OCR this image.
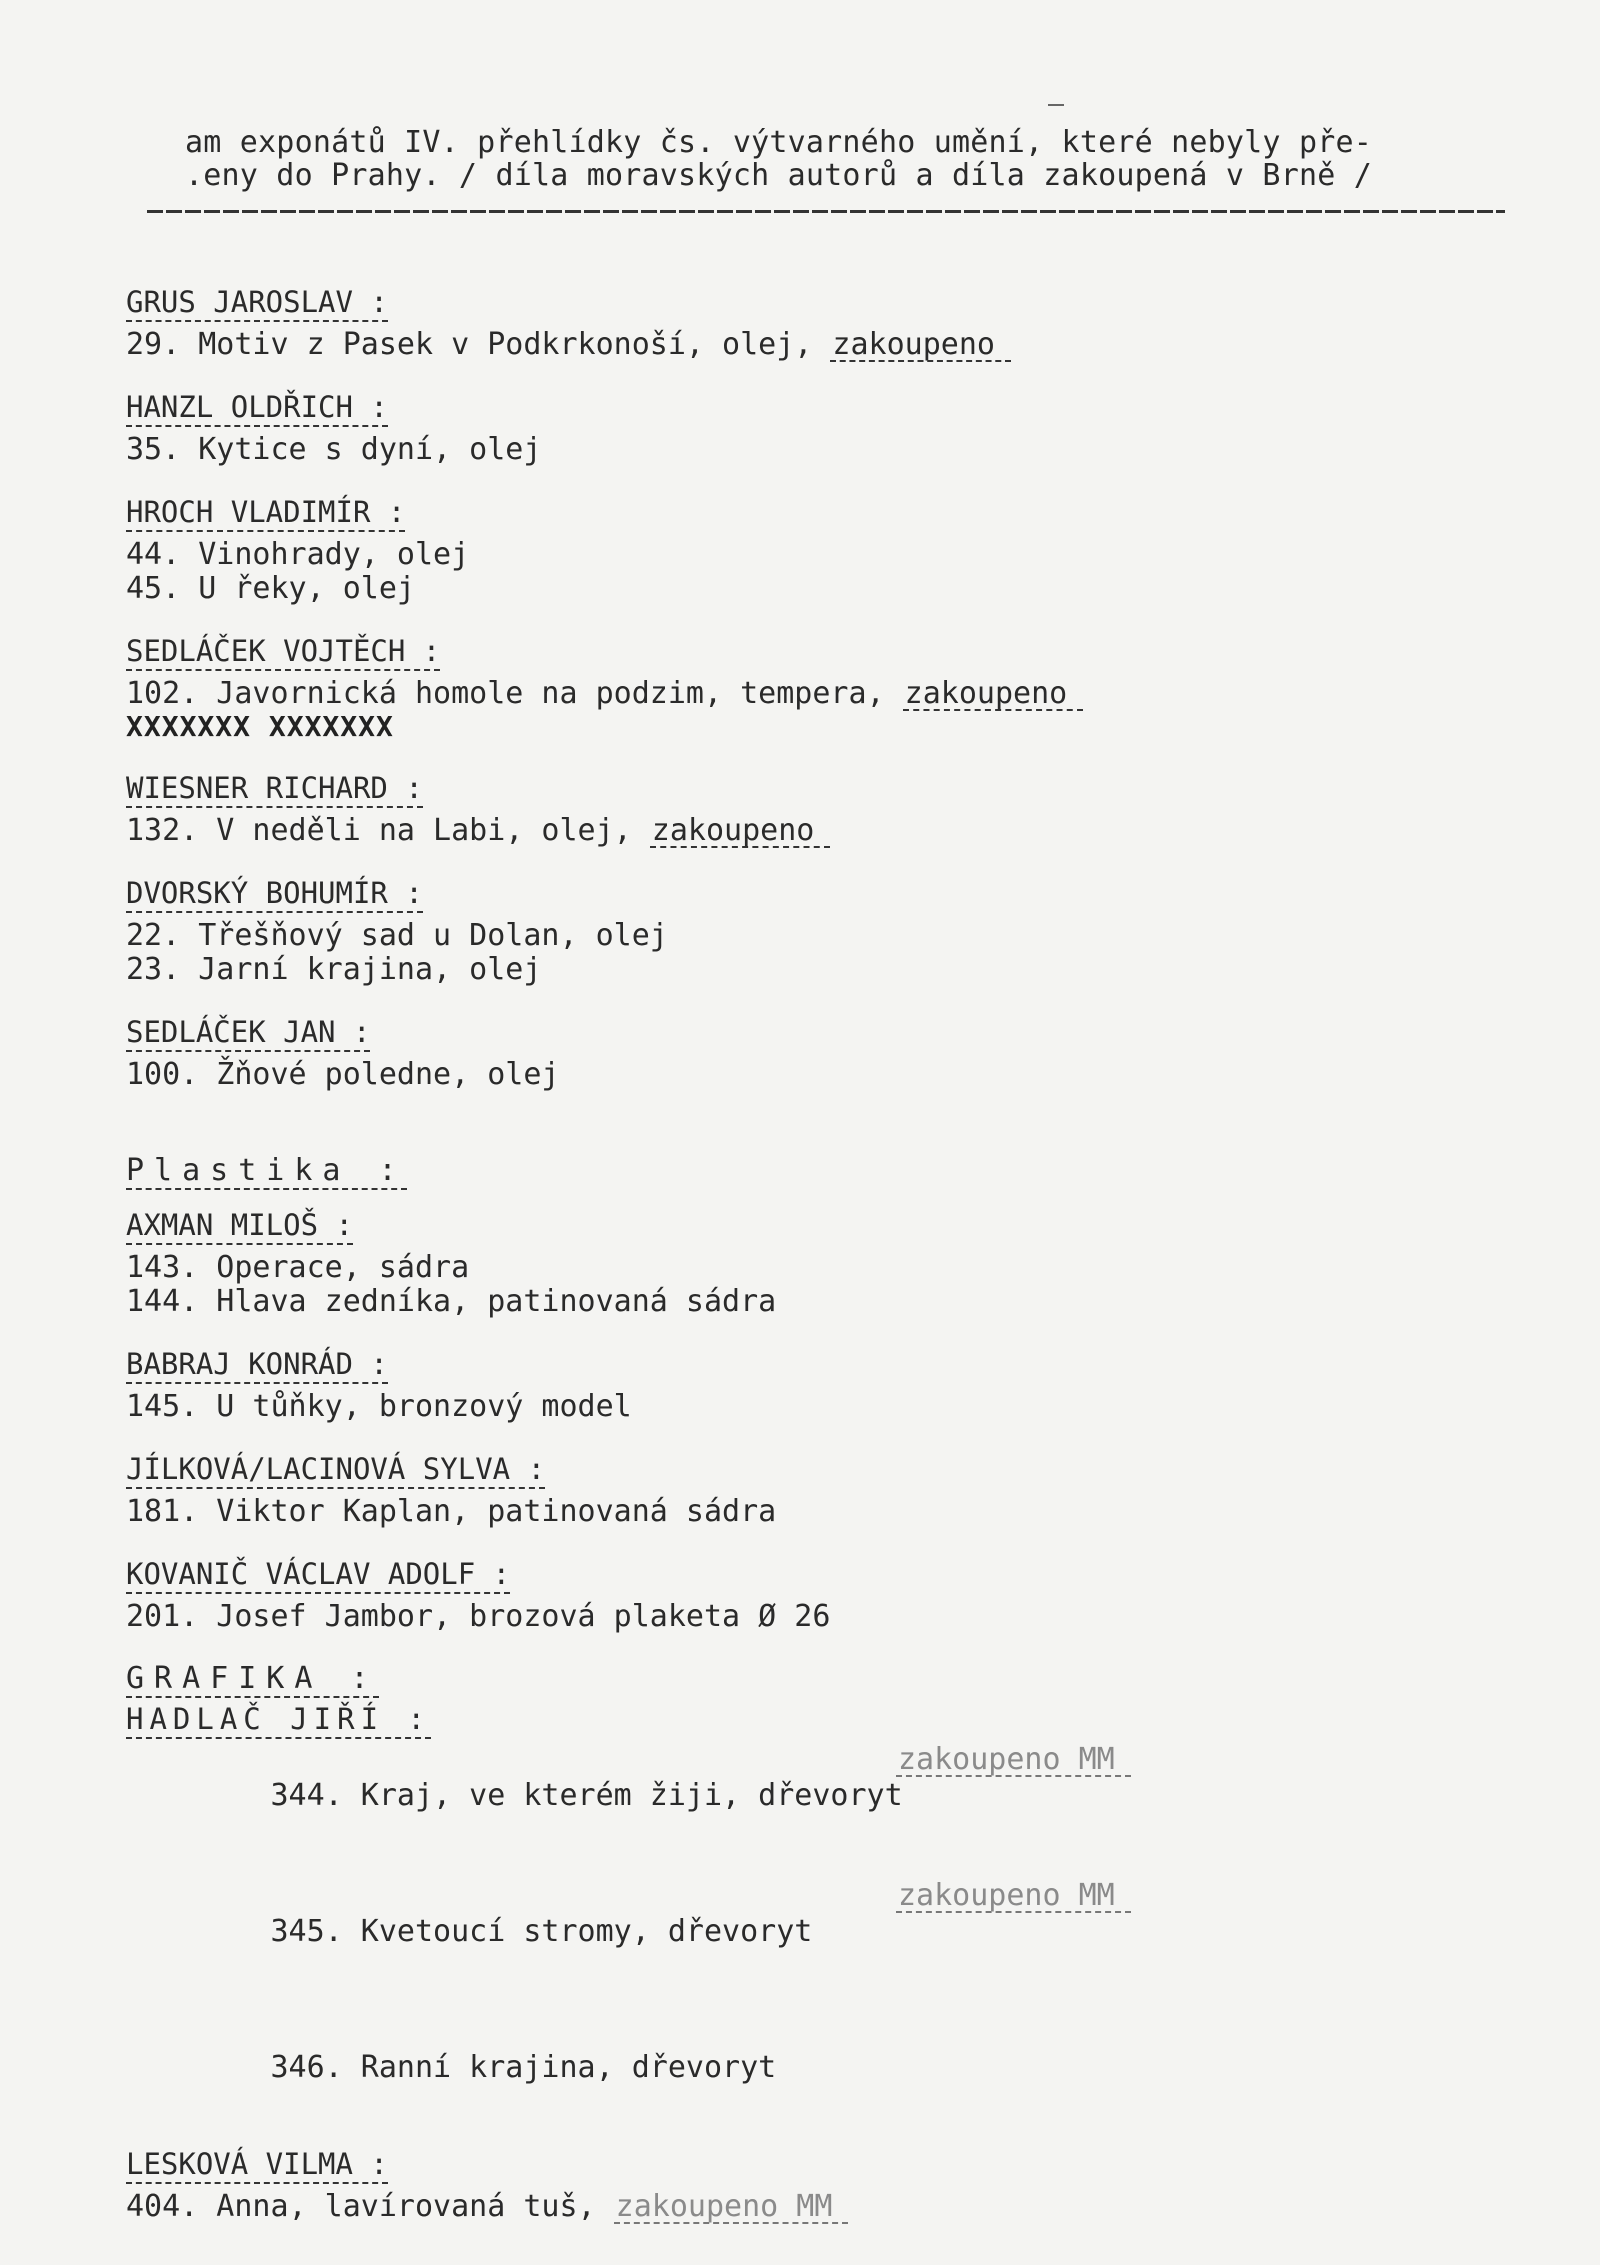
am exponátů IV. přehlídky čs. výtvarného umění, které nebyly pře-
.eny do Prahy. / díla moravských autorů a díla zakoupená v Brně /
GRUS JAROSLAV :
29. Motiv z Pasek v Podkrkonoší, olej, zakoupeno
HANZL OLDŘICH :
35. Kytice s dyní, olej
HROCH VLADIMÍR :
44. Vinohrady, olej
45. U řeky, olej
SEDLÁČEK VOJTĚCH :
102. Javornická homole na podzim, tempera, zakoupeno
XXXXXXX XXXXXXX
WIESNER RICHARD :
132. V neděli na Labi, olej, zakoupeno
DVORSKÝ BOHUMÍR :
22. Třešňový sad u Dolan, olej
23. Jarní krajina, olej
SEDLÁČEK JAN :
100. Žňové poledne, olej
Plastika :
AXMAN MILOŠ :
143. Operace, sádra
144. Hlava zedníka, patinovaná sádra
BABRAJ KONRÁD :
145. U tůňky, bronzový model
JÍLKOVÁ/LACINOVÁ SYLVA :
181. Viktor Kaplan, patinovaná sádra
KOVANIČ VÁCLAV ADOLF :
201. Josef Jambor, brozová plaketa Ø 26
GRAFIKA :
HADLAČ JIŘÍ :

344. Kraj, ve kterém žiji, dřevoryt

zakoupeno MM

345. Kvetoucí stromy, dřevoryt

zakoupeno MM

346. Ranní krajina, dřevoryt

LESKOVÁ VILMA :
404. Anna, lavírovaná tuš, zakoupeno MM
